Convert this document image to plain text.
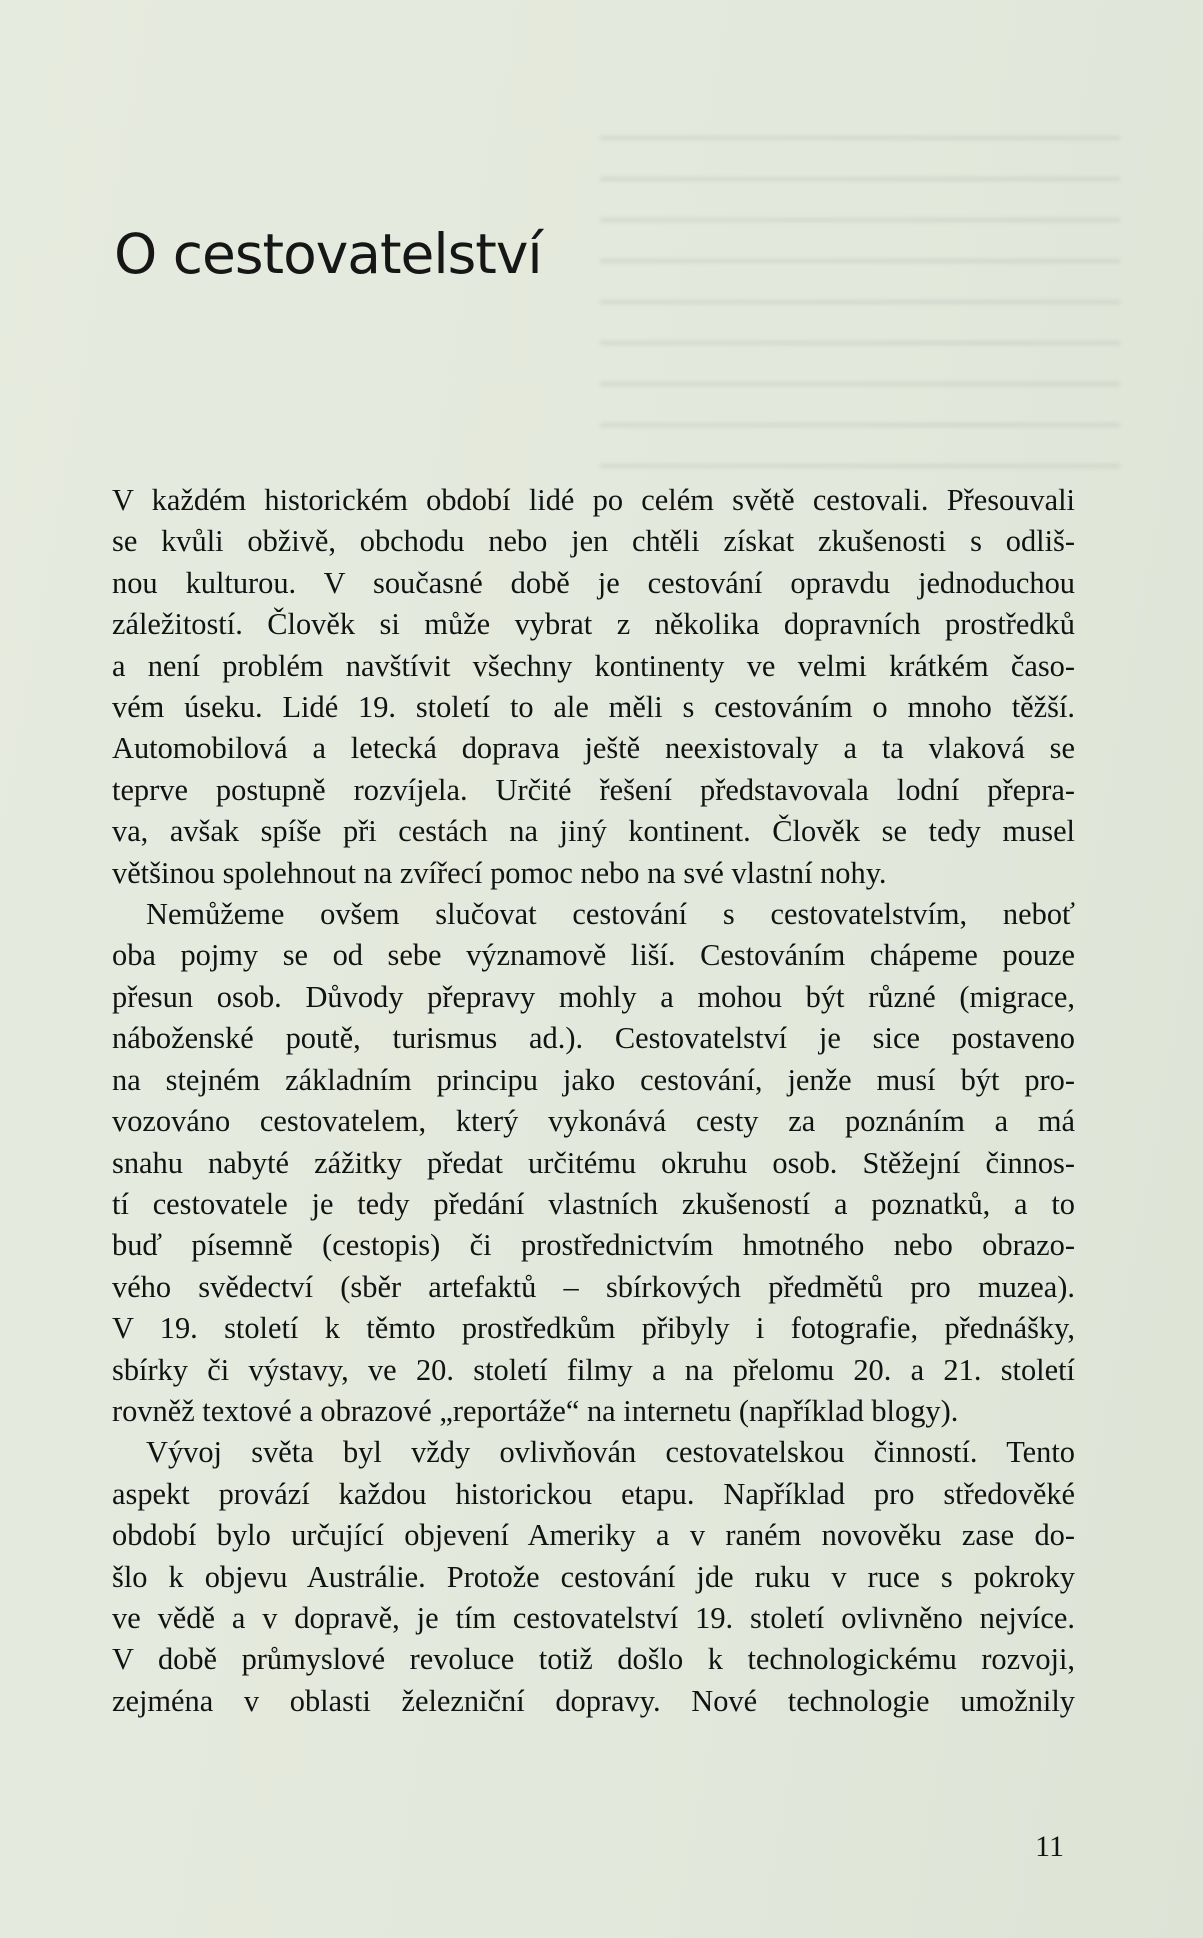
O cestovatelství

V každém historickém období lidé po celém světě cestovali. Přesouvali
se kvůli obživě, obchodu nebo jen chtěli získat zkušenosti s odliš-
nou kulturou. V současné době je cestování opravdu jednoduchou
záležitostí. Člověk si může vybrat z několika dopravních prostředků
a není problém navštívit všechny kontinenty ve velmi krátkém časo-
vém úseku. Lidé 19. století to ale měli s cestováním o mnoho těžší.
Automobilová a letecká doprava ještě neexistovaly a ta vlaková se
teprve postupně rozvíjela. Určité řešení představovala lodní přepra-
va, avšak spíše při cestách na jiný kontinent. Člověk se tedy musel
většinou spolehnout na zvířecí pomoc nebo na své vlastní nohy.

Nemůžeme ovšem slučovat cestování s cestovatelstvím, neboť
oba pojmy se od sebe významově liší. Cestováním chápeme pouze
přesun osob. Důvody přepravy mohly a mohou být různé (migrace,
náboženské poutě, turismus ad.). Cestovatelství je sice postaveno
na stejném základním principu jako cestování, jenže musí být pro-
vozováno cestovatelem, který vykonává cesty za poznáním a má
snahu nabyté zážitky předat určitému okruhu osob. Stěžejní činnos-
tí cestovatele je tedy předání vlastních zkušeností a poznatků, a to
buď písemně (cestopis) či prostřednictvím hmotného nebo obrazo-
vého svědectví (sběr artefaktů – sbírkových předmětů pro muzea).
V 19. století k těmto prostředkům přibyly i fotografie, přednášky,
sbírky či výstavy, ve 20. století filmy a na přelomu 20. a 21. století
rovněž textové a obrazové „reportáže“ na internetu (například blogy).

Vývoj světa byl vždy ovlivňován cestovatelskou činností. Tento
aspekt provází každou historickou etapu. Například pro středověké
období bylo určující objevení Ameriky a v raném novověku zase do-
šlo k objevu Austrálie. Protože cestování jde ruku v ruce s pokroky
ve vědě a v dopravě, je tím cestovatelství 19. století ovlivněno nejvíce.
V době průmyslové revoluce totiž došlo k technologickému rozvoji,
zejména v oblasti železniční dopravy. Nové technologie umožnily

11
